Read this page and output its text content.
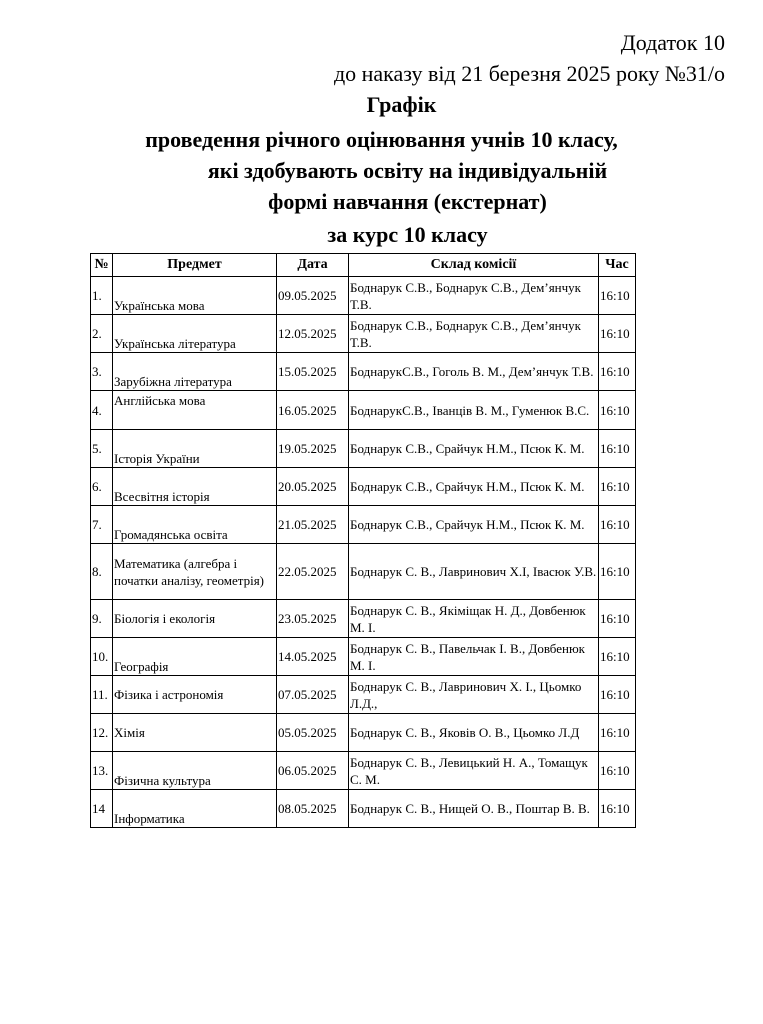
Додаток 10
до наказу від 21 березня 2025 року №31/о
Графік
проведення річного оцінювання учнів 10 класу,
які здобувають освіту на індивідуальній
формі навчання (екстернат)
за курс 10 класу
№	Предмет	Дата	Склад комісії	Час
1.	Українська мова	09.05.2025	Боднарук С.В., Боднарук С.В., Дем’янчук Т.В.	16:10
2.	Українська література	12.05.2025	Боднарук С.В., Боднарук С.В., Дем’янчук Т.В.	16:10
3.	Зарубіжна література	15.05.2025	БоднарукС.В., Гоголь В. М., Дем’янчук Т.В.	16:10
4.	Англійська мова	16.05.2025	БоднарукС.В., Іванців В. М., Гуменюк В.С.	16:10
5.	Історія України	19.05.2025	Боднарук С.В., Срайчук Н.М., Псюк К. М.	16:10
6.	Всесвітня історія	20.05.2025	Боднарук С.В., Срайчук Н.М., Псюк К. М.	16:10
7.	Громадянська освіта	21.05.2025	Боднарук С.В., Срайчук Н.М., Псюк К. М.	16:10
8.	Математика (алгебра і початки аналізу, геометрія)	22.05.2025	Боднарук С. В., Лавринович Х.І, Івасюк У.В.	16:10
9.	Біологія і екологія	23.05.2025	Боднарук С. В., Якіміщак Н. Д., Довбенюк М. І.	16:10
10.	Географія	14.05.2025	Боднарук С. В., Павельчак І. В., Довбенюк М. І.	16:10
11.	Фізика і астрономія	07.05.2025	Боднарук С. В., Лавринович Х. І., Цьомко Л.Д.,	16:10
12.	Хімія	05.05.2025	Боднарук С. В., Яковів О. В., Цьомко Л.Д	16:10
13.	Фізична культура	06.05.2025	Боднарук С. В., Левицький Н. А., Томащук С. М.	16:10
14	Інформатика	08.05.2025	Боднарук С. В., Нищей О. В., Поштар В. В.	16:10
